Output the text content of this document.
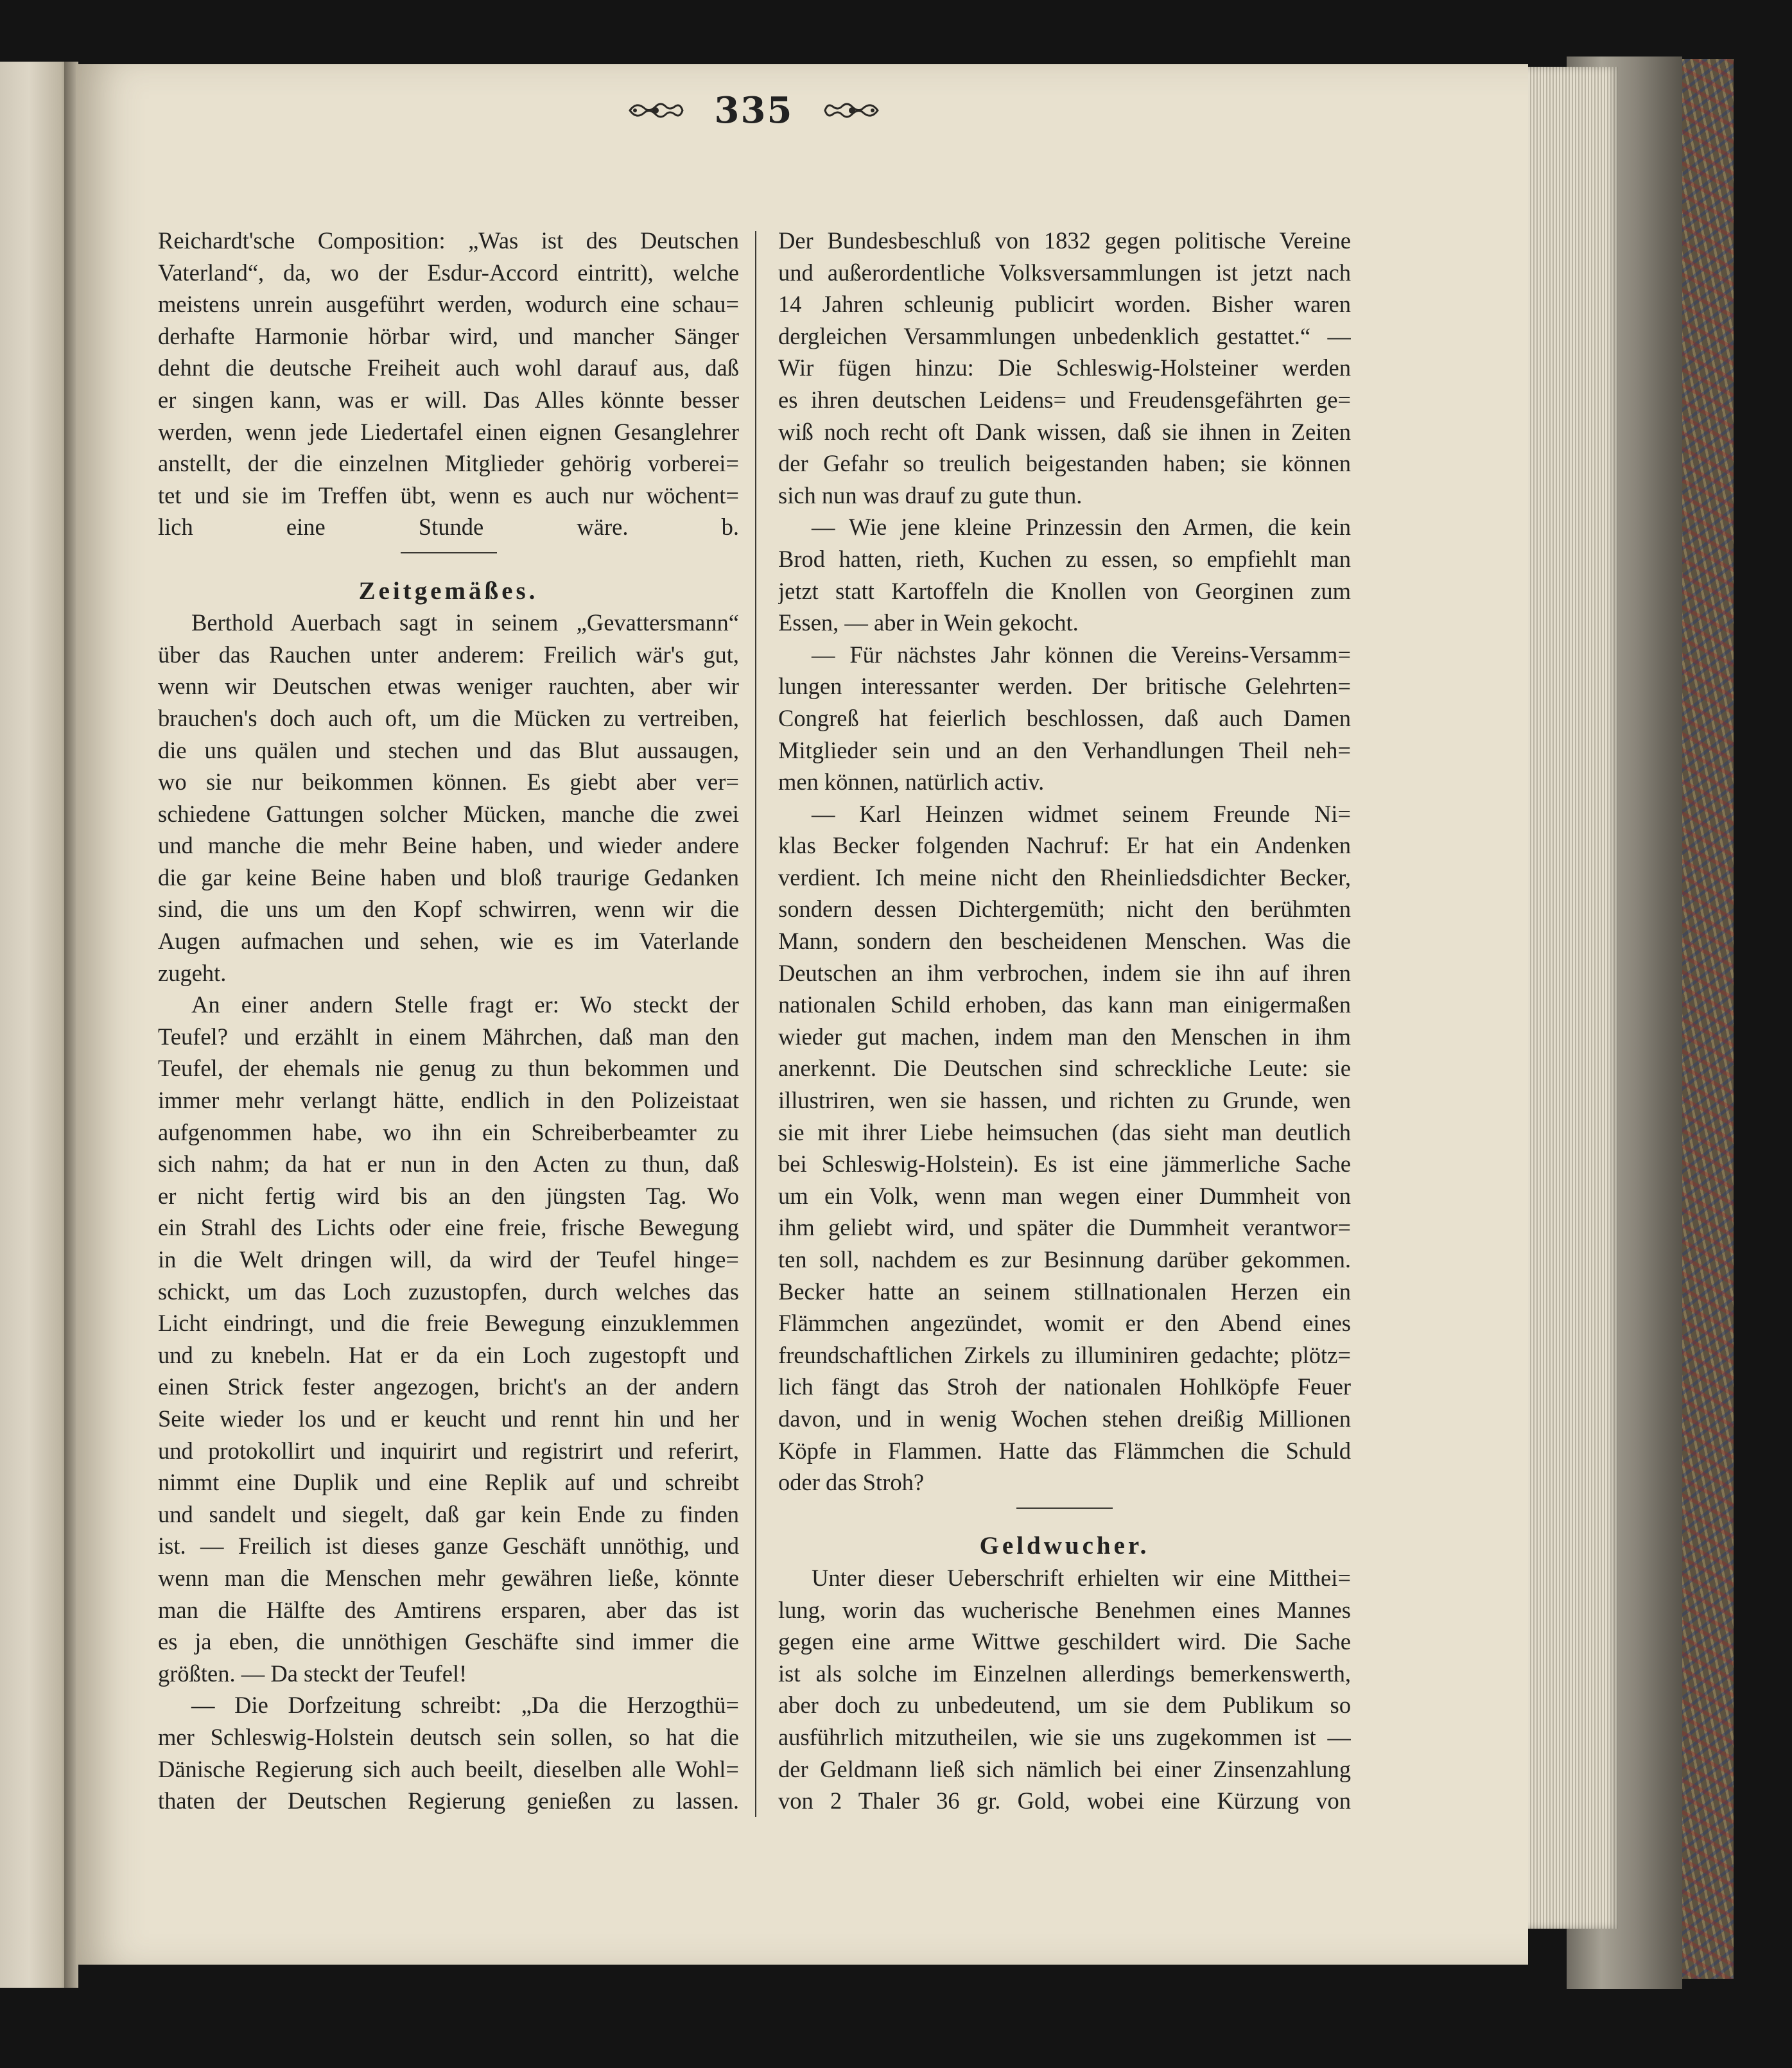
335
Reichardt'sche Composition: „Was ist des Deutschen
Vaterland“, da, wo der Esdur-Accord eintritt), welche
meistens unrein ausgeführt werden, wodurch eine schau=
derhafte Harmonie hörbar wird, und mancher Sänger
dehnt die deutsche Freiheit auch wohl darauf aus, daß
er singen kann, was er will. Das Alles könnte besser
werden, wenn jede Liedertafel einen eignen Gesanglehrer
anstellt, der die einzelnen Mitglieder gehörig vorberei=
tet und sie im Treffen übt, wenn es auch nur wöchent=
lich eine Stunde wäre. b.
Zeitgemäßes.
Berthold Auerbach sagt in seinem „Gevattersmann“
über das Rauchen unter anderem: Freilich wär's gut,
wenn wir Deutschen etwas weniger rauchten, aber wir
brauchen's doch auch oft, um die Mücken zu vertreiben,
die uns quälen und stechen und das Blut aussaugen,
wo sie nur beikommen können. Es giebt aber ver=
schiedene Gattungen solcher Mücken, manche die zwei
und manche die mehr Beine haben, und wieder andere
die gar keine Beine haben und bloß traurige Gedanken
sind, die uns um den Kopf schwirren, wenn wir die
Augen aufmachen und sehen, wie es im Vaterlande
zugeht.
An einer andern Stelle fragt er: Wo steckt der
Teufel? und erzählt in einem Mährchen, daß man den
Teufel, der ehemals nie genug zu thun bekommen und
immer mehr verlangt hätte, endlich in den Polizeistaat
aufgenommen habe, wo ihn ein Schreiberbeamter zu
sich nahm; da hat er nun in den Acten zu thun, daß
er nicht fertig wird bis an den jüngsten Tag. Wo
ein Strahl des Lichts oder eine freie, frische Bewegung
in die Welt dringen will, da wird der Teufel hinge=
schickt, um das Loch zuzustopfen, durch welches das
Licht eindringt, und die freie Bewegung einzuklemmen
und zu knebeln. Hat er da ein Loch zugestopft und
einen Strick fester angezogen, bricht's an der andern
Seite wieder los und er keucht und rennt hin und her
und protokollirt und inquirirt und registrirt und referirt,
nimmt eine Duplik und eine Replik auf und schreibt
und sandelt und siegelt, daß gar kein Ende zu finden
ist. — Freilich ist dieses ganze Geschäft unnöthig, und
wenn man die Menschen mehr gewähren ließe, könnte
man die Hälfte des Amtirens ersparen, aber das ist
es ja eben, die unnöthigen Geschäfte sind immer die
größten. — Da steckt der Teufel!
— Die Dorfzeitung schreibt: „Da die Herzogthü=
mer Schleswig-Holstein deutsch sein sollen, so hat die
Dänische Regierung sich auch beeilt, dieselben alle Wohl=
thaten der Deutschen Regierung genießen zu lassen.
Der Bundesbeschluß von 1832 gegen politische Vereine
und außerordentliche Volksversammlungen ist jetzt nach
14 Jahren schleunig publicirt worden. Bisher waren
dergleichen Versammlungen unbedenklich gestattet.“ —
Wir fügen hinzu: Die Schleswig-Holsteiner werden
es ihren deutschen Leidens= und Freudensgefährten ge=
wiß noch recht oft Dank wissen, daß sie ihnen in Zeiten
der Gefahr so treulich beigestanden haben; sie können
sich nun was drauf zu gute thun.
— Wie jene kleine Prinzessin den Armen, die kein
Brod hatten, rieth, Kuchen zu essen, so empfiehlt man
jetzt statt Kartoffeln die Knollen von Georginen zum
Essen, — aber in Wein gekocht.
— Für nächstes Jahr können die Vereins-Versamm=
lungen interessanter werden. Der britische Gelehrten=
Congreß hat feierlich beschlossen, daß auch Damen
Mitglieder sein und an den Verhandlungen Theil neh=
men können, natürlich activ.
— Karl Heinzen widmet seinem Freunde Ni=
klas Becker folgenden Nachruf: Er hat ein Andenken
verdient. Ich meine nicht den Rheinliedsdichter Becker,
sondern dessen Dichtergemüth; nicht den berühmten
Mann, sondern den bescheidenen Menschen. Was die
Deutschen an ihm verbrochen, indem sie ihn auf ihren
nationalen Schild erhoben, das kann man einigermaßen
wieder gut machen, indem man den Menschen in ihm
anerkennt. Die Deutschen sind schreckliche Leute: sie
illustriren, wen sie hassen, und richten zu Grunde, wen
sie mit ihrer Liebe heimsuchen (das sieht man deutlich
bei Schleswig-Holstein). Es ist eine jämmerliche Sache
um ein Volk, wenn man wegen einer Dummheit von
ihm geliebt wird, und später die Dummheit verantwor=
ten soll, nachdem es zur Besinnung darüber gekommen.
Becker hatte an seinem stillnationalen Herzen ein
Flämmchen angezündet, womit er den Abend eines
freundschaftlichen Zirkels zu illuminiren gedachte; plötz=
lich fängt das Stroh der nationalen Hohlköpfe Feuer
davon, und in wenig Wochen stehen dreißig Millionen
Köpfe in Flammen. Hatte das Flämmchen die Schuld
oder das Stroh?
Geldwucher.
Unter dieser Ueberschrift erhielten wir eine Mitthei=
lung, worin das wucherische Benehmen eines Mannes
gegen eine arme Wittwe geschildert wird. Die Sache
ist als solche im Einzelnen allerdings bemerkenswerth,
aber doch zu unbedeutend, um sie dem Publikum so
ausführlich mitzutheilen, wie sie uns zugekommen ist —
der Geldmann ließ sich nämlich bei einer Zinsenzahlung
von 2 Thaler 36 gr. Gold, wobei eine Kürzung von
